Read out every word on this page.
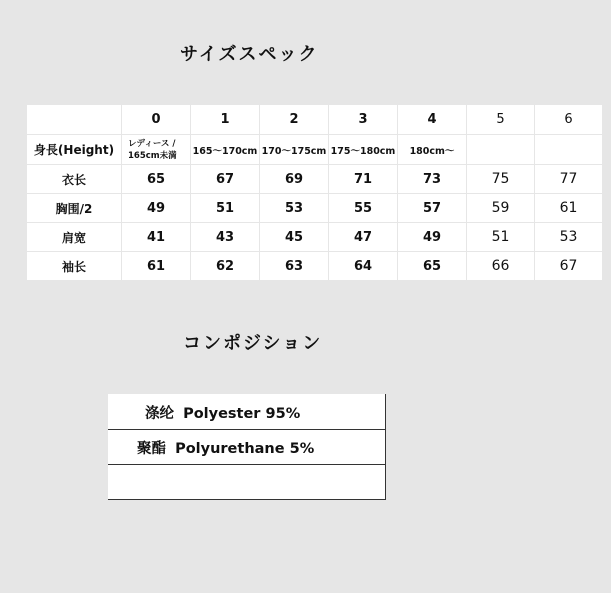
サイズスペック
	0	1	2	3	4	5	6
身長(Height)	レディース / 165cm未満	165～170cm	170～175cm	175～180cm	180cm～		
衣长	65	67	69	71	73	75	77
胸围/2	49	51	53	55	57	59	61
肩宽	41	43	45	47	49	51	53
袖长	61	62	63	64	65	66	67
コンポジション
涤纶 Polyester 95%
聚酯 Polyurethane 5%
